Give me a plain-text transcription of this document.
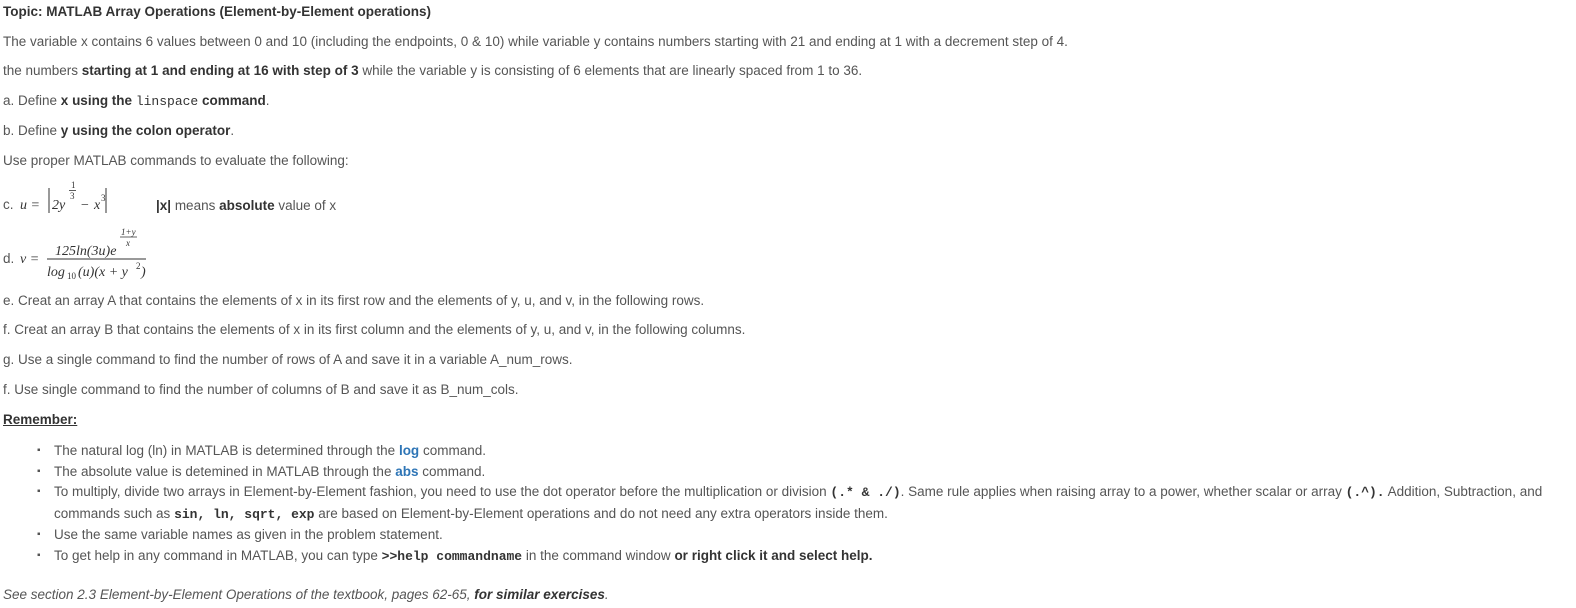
Topic: MATLAB Array Operations (Element-by-Element operations)
The variable x contains 6 values between 0 and 10 (including the endpoints, 0 & 10) while variable y contains numbers starting with 21 and ending at 1 with a decrement step of 4.
the numbers starting at 1 and ending at 16 with step of 3 while the variable y is consisting of 6 elements that are linearly spaced from 1 to 36.
a. Define x using the linspace command.
b. Define y using the colon operator.
Use proper MATLAB commands to evaluate the following:
c. u = 2y
1
3
− x 3	|x| means absolute value of x
d. v =
125ln(3u)e
1+y
x
log 10 (u)(x + y 2 )
e. Creat an array A that contains the elements of x in its first row and the elements of y, u, and v, in the following rows.
f. Creat an array B that contains the elements of x in its first column and the elements of y, u, and v, in the following columns.
g. Use a single command to find the number of rows of A and save it in a variable A_num_rows.
f. Use single command to find the number of columns of B and save it as B_num_cols.
Remember:
▪ The natural log (ln) in MATLAB is determined through the log command.
▪ The absolute value is detemined in MATLAB through the abs command.
▪ To multiply, divide two arrays in Element-by-Element fashion, you need to use the dot operator before the multiplication or division (.* & ./). Same rule applies when raising array to a power, whether scalar or array (.^). Addition, Subtraction, and commands such as sin, ln, sqrt, exp are based on Element-by-Element operations and do not need any extra operators inside them.
▪ Use the same variable names as given in the problem statement.
▪ To get help in any command in MATLAB, you can type >>help commandname in the command window or right click it and select help.
See section 2.3 Element-by-Element Operations of the textbook, pages 62-65, for similar exercises.
